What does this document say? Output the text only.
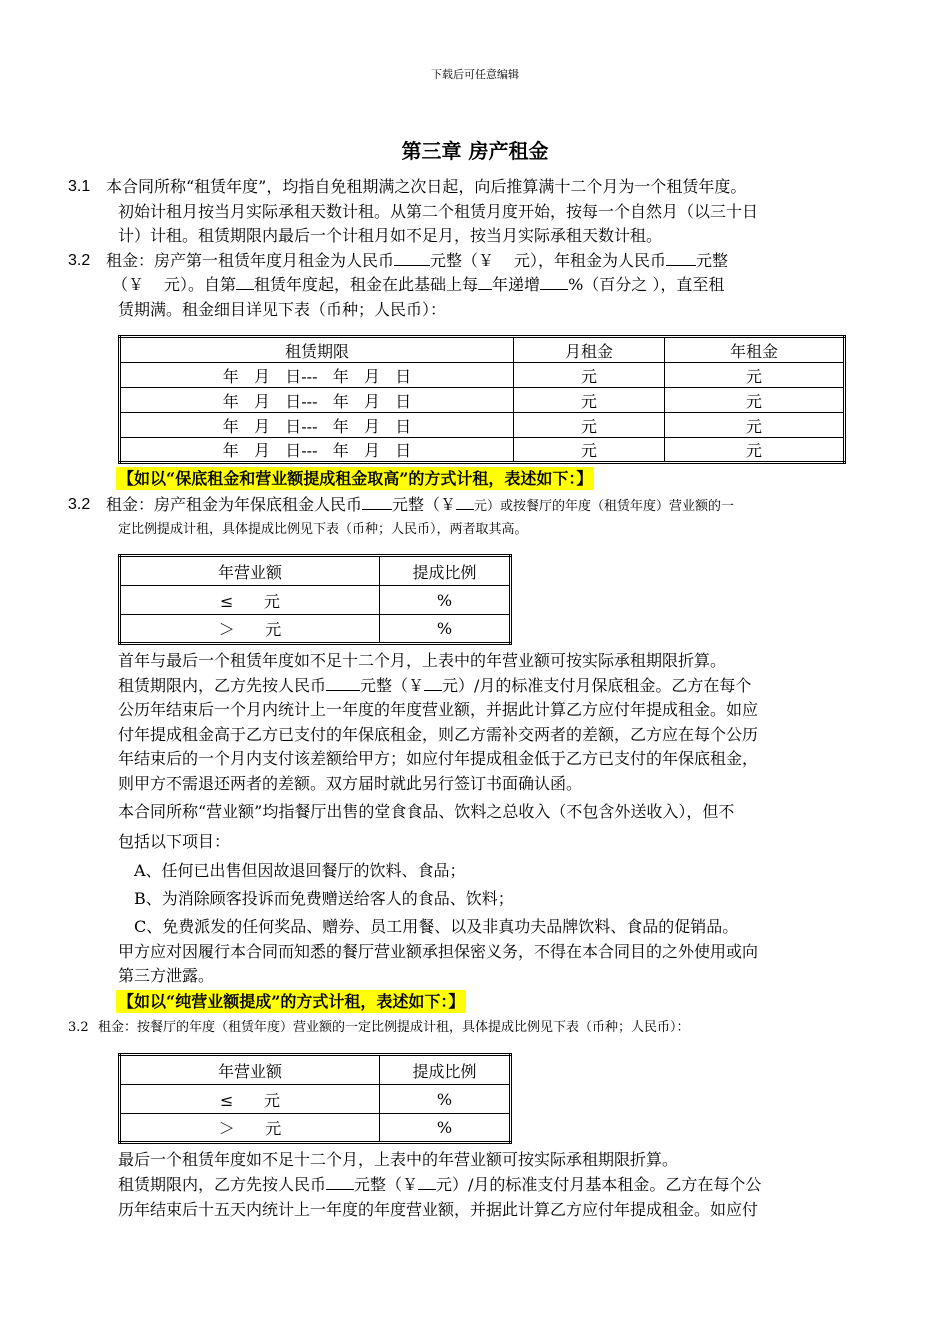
下载后可任意编辑
第三章 房产租金
3.1 本合同所称“租赁年度”，均指自免租期满之次日起，向后推算满十二个月为一个租赁年度。
初始计租月按当月实际承租天数计租。从第二个租赁月度开始，按每一个自然月（以三十日
计）计租。租赁期限内最后一个计租月如不足月，按当月实际承租天数计租。
3.2 租金：房产第一租赁年度月租金为人民币 元整（￥ 元），年租金为人民币 元整
（￥ 元）。自第 租赁年度起，租金在此基础上每 年递增 %（百分之 ），直至租
赁期满。租金细目详见下表（币种；人民币）：
租赁期限	月租金	年租金
年   月   日---   年   月   日	元	元
年   月   日---   年   月   日	元	元
年   月   日---   年   月   日	元	元
年   月   日---   年   月   日	元	元
【如以“保底租金和营业额提成租金取高”的方式计租，表述如下：】
3.2 租金：房产租金为年保底租金人民币 元整（￥ 元）或按餐厅的年度（租赁年度）营业额的一
定比例提成计租，具体提成比例见下表（币种；人民币），两者取其高。
年营业额	提成比例
≤      元	%
＞      元	%
首年与最后一个租赁年度如不足十二个月，上表中的年营业额可按实际承租期限折算。
租赁期限内，乙方先按人民币 元整（￥ 元）/月的标准支付月保底租金。乙方在每个
公历年结束后一个月内统计上一年度的年度营业额，并据此计算乙方应付年提成租金。如应
付年提成租金高于乙方已支付的年保底租金，则乙方需补交两者的差额，乙方应在每个公历
年结束后的一个月内支付该差额给甲方；如应付年提成租金低于乙方已支付的年保底租金，
则甲方不需退还两者的差额。双方届时就此另行签订书面确认函。
本合同所称“营业额”均指餐厅出售的堂食食品、饮料之总收入（不包含外送收入），但不
包括以下项目：
A、任何已出售但因故退回餐厅的饮料、食品；
B、为消除顾客投诉而免费赠送给客人的食品、饮料；
C、免费派发的任何奖品、赠券、员工用餐、以及非真功夫品牌饮料、食品的促销品。
甲方应对因履行本合同而知悉的餐厅营业额承担保密义务，不得在本合同目的之外使用或向
第三方泄露。
【如以“纯营业额提成”的方式计租，表述如下：】
3.2 租金：按餐厅的年度（租赁年度）营业额的一定比例提成计租，具体提成比例见下表（币种；人民币）：
年营业额	提成比例
≤      元	%
＞      元	%
最后一个租赁年度如不足十二个月，上表中的年营业额可按实际承租期限折算。
租赁期限内，乙方先按人民币 元整（￥ 元）/月的标准支付月基本租金。乙方在每个公
历年结束后十五天内统计上一年度的年度营业额，并据此计算乙方应付年提成租金。如应付
